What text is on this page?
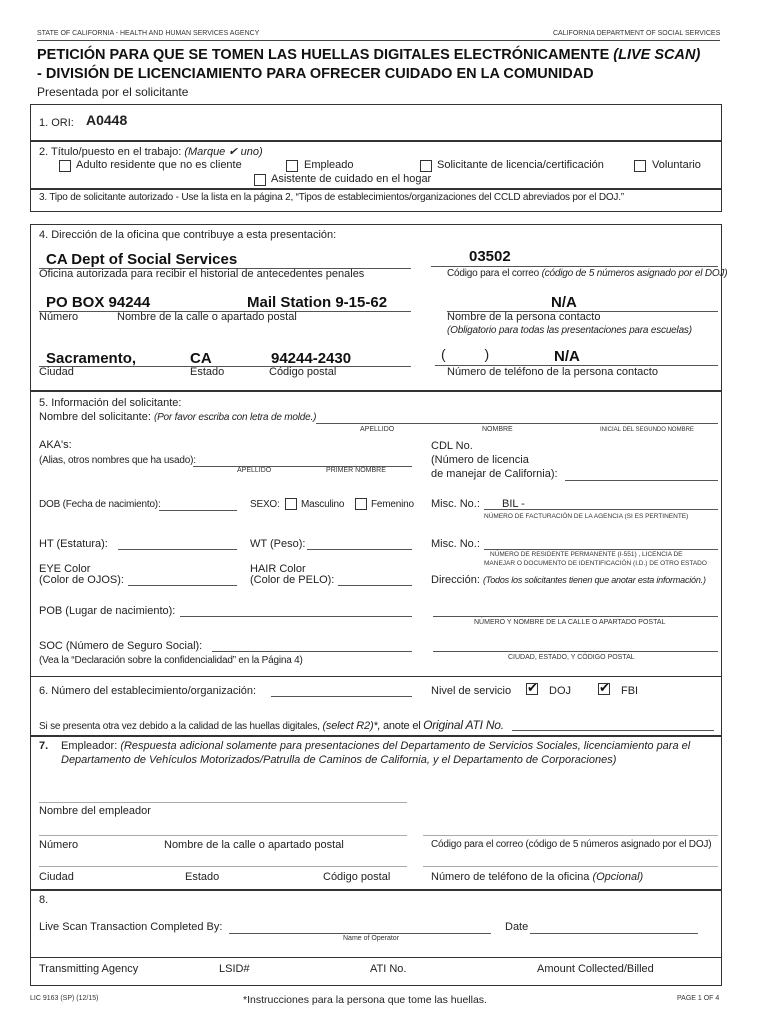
STATE OF CALIFORNIA - HEALTH AND HUMAN SERVICES AGENCY	CALIFORNIA DEPARTMENT OF SOCIAL SERVICES
PETICIÓN PARA QUE SE TOMEN LAS HUELLAS DIGITALES ELECTRÓNICAMENTE (LIVE SCAN)
- DIVISIÓN DE LICENCIAMIENTO PARA OFRECER CUIDADO EN LA COMUNIDAD
Presentada por el solicitante
1. ORI: A0448
2. Título/puesto en el trabajo: (Marque ✔ uno)
Adulto residente que no es cliente	Empleado	Solicitante de licencia/certificación	Voluntario
Asistente de cuidado en el hogar
3. Tipo de solicitante autorizado - Use la lista en la página 2, “Tipos de establecimientos/organizaciones del CCLD abreviados por el DOJ.”
4. Dirección de la oficina que contribuye a esta presentación:
CA Dept of Social Services
Oficina autorizada para recibir el historial de antecedentes penales
03502
Código para el correo (código de 5 números asignado por el DOJ)
PO BOX 94244	Mail Station 9-15-62
Número	Nombre de la calle o apartado postal
N/A
Nombre de la persona contacto
(Obligatorio para todas las presentaciones para escuelas)
Sacramento,	CA	94244-2430
Ciudad	Estado	Código postal
(          )	N/A
Número de teléfono de la persona contacto
5. Información del solicitante:
Nombre del solicitante: (Por favor escriba con letra de molde.)
APELLIDO	NOMBRE	INICIAL DEL SEGUNDO NOMBRE
AKA's:
(Alias, otros nombres que ha usado):
APELLIDO	PRIMER NOMBRE
CDL No.
(Número de licencia
de manejar de California):
DOB (Fecha de nacimiento):	SEXO: Masculino	Femenino Misc. No.: BIL -
NÚMERO DE FACTURACIÓN DE LA AGENCIA (SI ES PERTINENTE)
HT (Estatura):	WT (Peso):	Misc. No.:
NÚMERO DE RESIDENTE PERMANENTE (I-551) , LICENCIA DE
MANEJAR O DOCUMENTO DE IDENTIFICACIÓN (I.D.) DE OTRO ESTADO
EYE Color
(Color de OJOS):
HAIR Color
(Color de PELO):	Dirección: (Todos los solicitantes tienen que anotar esta información.)
POB (Lugar de nacimiento):
NÚMERO Y NOMBRE DE LA CALLE O APARTADO POSTAL
SOC (Número de Seguro Social):
(Vea la “Declaración sobre la confidencialidad” en la Página 4)	CIUDAD, ESTADO, Y CÓDIGO POSTAL
6. Número del establecimiento/organización:	Nivel de servicio ✔ DOJ ✔ FBI
Si se presenta otra vez debido a la calidad de las huellas digitales, (select R2)*, anote el Original ATI No.
7. Empleador: (Respuesta adicional solamente para presentaciones del Departamento de Servicios Sociales, licenciamiento para el
Departamento de Vehículos Motorizados/Patrulla de Caminos de California, y el Departamento de Corporaciones)
Nombre del empleador
Número	Nombre de la calle o apartado postal	Código para el correo (código de 5 números asignado por el DOJ)
Ciudad	Estado	Código postal	Número de teléfono de la oficina (Opcional)
8.
Live Scan Transaction Completed By:
Name of Operator
Date
Transmitting Agency	LSID#	ATI No.	Amount Collected/Billed
LIC 9163 (SP) (12/15)	*Instrucciones para la persona que tome las huellas.	PAGE 1 OF 4
